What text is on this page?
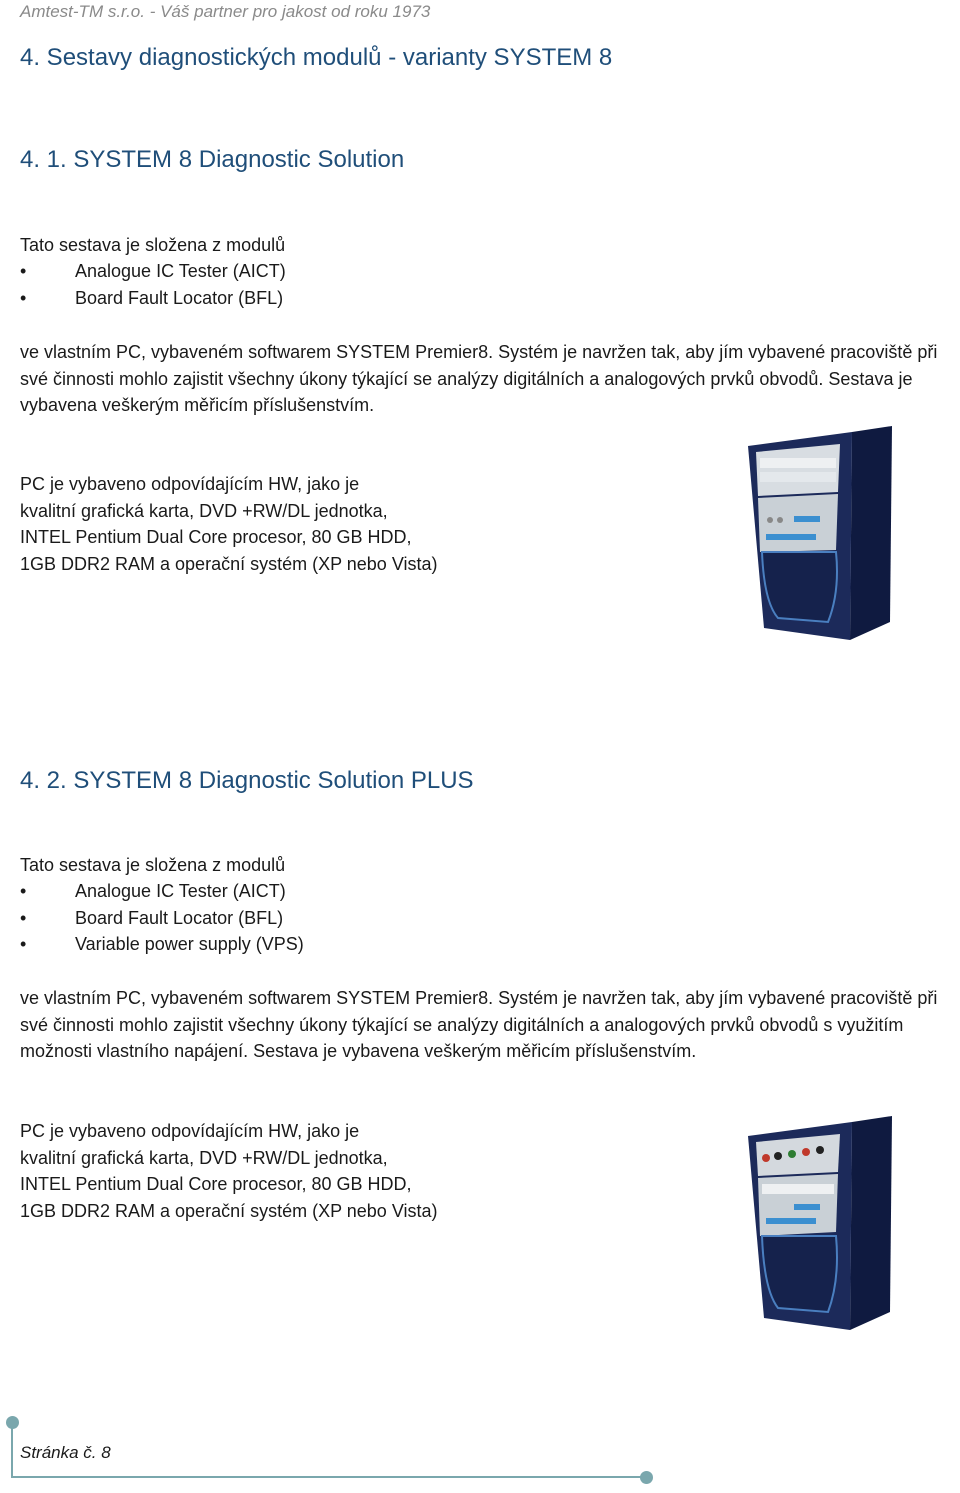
Amtest-TM s.r.o. - Váš partner pro jakost od roku 1973
4. Sestavy diagnostických modulů - varianty SYSTEM 8
4. 1. SYSTEM 8 Diagnostic Solution

Tato sestava je složena z modulů

• Analogue IC Tester (AICT)
• Board Fault Locator (BFL)

ve vlastním PC, vybaveném softwarem SYSTEM Premier8. Systém je navržen tak, aby jím vybavené pracoviště při své činnosti mohlo zajistit všechny úkony týkající se analýzy digitálních a analogových prvků obvodů. Sestava je vybavena veškerým měřicím příslušenstvím.

PC je vybaveno odpovídajícím HW, jako je
kvalitní grafická karta, DVD +RW/DL jednotka,
INTEL Pentium Dual Core procesor, 80 GB HDD,
1GB DDR2 RAM a operační systém (XP nebo Vista)
4. 2. SYSTEM 8 Diagnostic Solution PLUS

Tato sestava je složena z modulů

• Analogue IC Tester (AICT)
• Board Fault Locator (BFL)
• Variable power supply (VPS)

ve vlastním PC, vybaveném softwarem SYSTEM Premier8. Systém je navržen tak, aby jím vybavené pracoviště při své činnosti mohlo zajistit všechny úkony týkající se analýzy digitálních a analogových prvků obvodů s využitím možnosti vlastního napájení. Sestava je vybavena veškerým měřicím příslušenstvím.

PC je vybaveno odpovídajícím HW, jako je
kvalitní grafická karta, DVD +RW/DL jednotka,
INTEL Pentium Dual Core procesor, 80 GB HDD,
1GB DDR2 RAM a operační systém (XP nebo Vista)
Stránka č. 8
